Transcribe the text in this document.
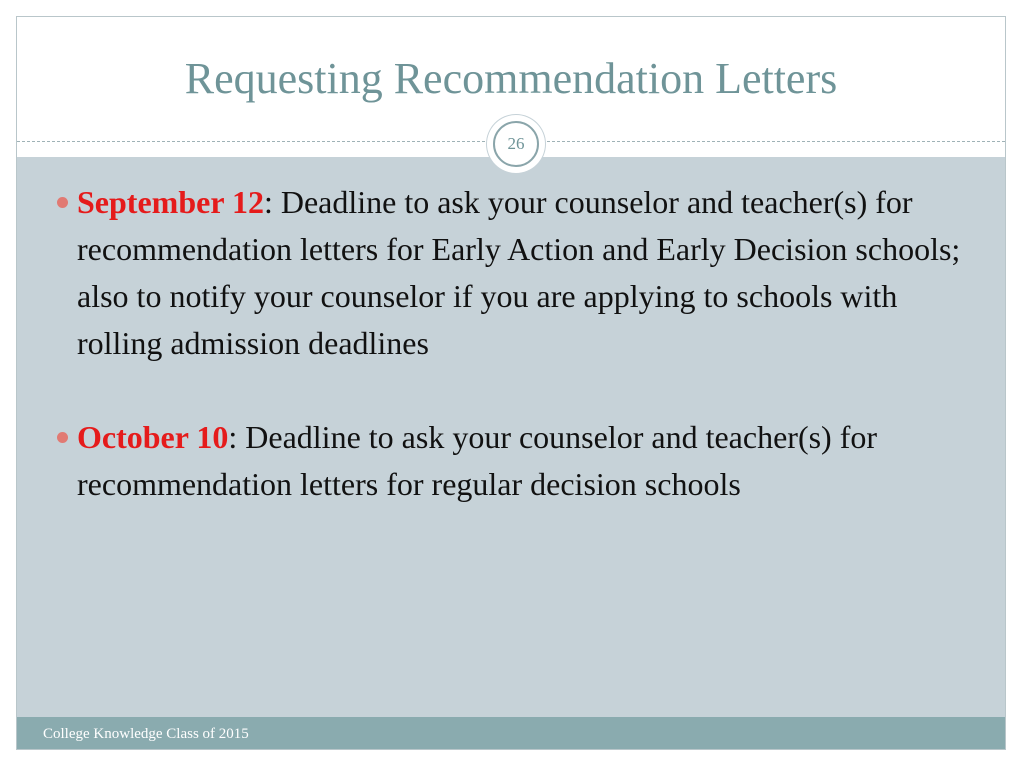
Requesting Recommendation Letters
26
September 12: Deadline to ask your counselor and teacher(s) for recommendation letters for Early Action and Early Decision schools; also to notify your counselor if you are applying to schools with rolling admission deadlines
October 10: Deadline to ask your counselor and teacher(s) for recommendation letters for regular decision schools
College Knowledge Class of 2015
